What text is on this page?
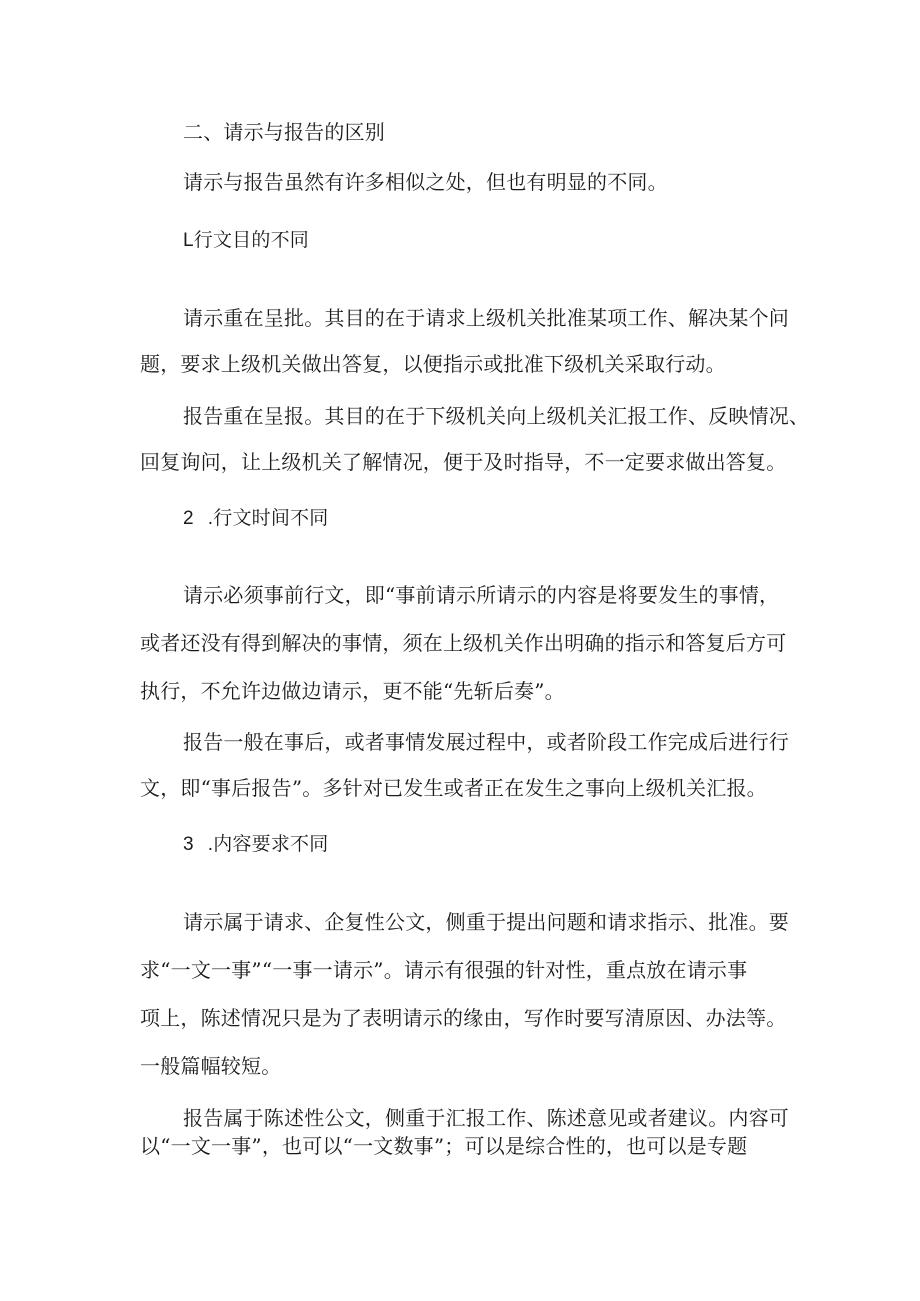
二、请示与报告的区别
请示与报告虽然有许多相似之处，但也有明显的不同。
L行文目的不同
请示重在呈批。其目的在于请求上级机关批准某项工作、解决某个问
题，要求上级机关做出答复，以便指示或批准下级机关采取行动。
报告重在呈报。其目的在于下级机关向上级机关汇报工作、反映情况、
回复询问，让上级机关了解情况，便于及时指导，不一定要求做出答复。
2 .行文时间不同
请示必须事前行文，即“事前请示所请示的内容是将要发生的事情，
或者还没有得到解决的事情，须在上级机关作出明确的指示和答复后方可
执行，不允许边做边请示，更不能“先斩后奏”。
报告一般在事后，或者事情发展过程中，或者阶段工作完成后进行行
文，即“事后报告”。多针对已发生或者正在发生之事向上级机关汇报。
3 .内容要求不同
请示属于请求、企复性公文，侧重于提出问题和请求指示、批准。要
求“一文一事”“一事一请示”。请示有很强的针对性，重点放在请示事
项上，陈述情况只是为了表明请示的缘由，写作时要写清原因、办法等。
一般篇幅较短。
报告属于陈述性公文，侧重于汇报工作、陈述意见或者建议。内容可
以“一文一事”，也可以“一文数事”；可以是综合性的，也可以是专题
